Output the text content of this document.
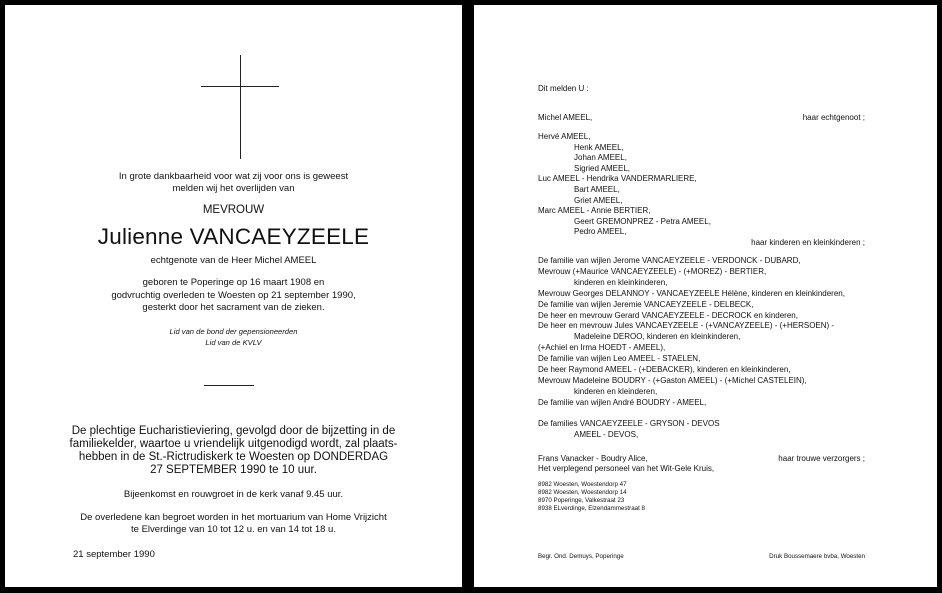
In grote dankbaarheid voor wat zij voor ons is geweest
melden wij het overlijden van
MEVROUW
Julienne VANCAEYZEELE
echtgenote van de Heer Michel AMEEL
geboren te Poperinge op 16 maart 1908 en
godvruchtig overleden te Woesten op 21 september 1990,
gesterkt door het sacrament van de zieken.
Lid van de bond der gepensioneerden
Lid van de KVLV
De plechtige Eucharistieviering, gevolgd door de bijzetting in de
familiekelder, waartoe u vriendelijk uitgenodigd wordt, zal plaats-
hebben in de St.-Rictrudiskerk te Woesten op DONDERDAG
27 SEPTEMBER 1990 te 10 uur.
Bijeenkomst en rouwgroet in de kerk vanaf 9.45 uur.
De overledene kan begroet worden in het mortuarium van Home Vrijzicht
te Elverdinge van 10 tot 12 u. en van 14 tot 18 u.
21 september 1990
Dit melden U :
Michel AMEEL,	haar echtgenoot ;
Hervé AMEEL,
Henk AMEEL,
Johan AMEEL,
Sigried AMEEL,
Luc AMEEL - Hendrika VANDERMARLIERE,
Bart AMEEL,
Griet AMEEL,
Marc AMEEL - Annie BERTIER,
Geert GREMONPREZ - Petra AMEEL,
Pedro AMEEL,
haar kinderen en kleinkinderen ;
De familie van wijlen Jerome VANCAEYZEELE - VERDONCK - DUBARD,
Mevrouw (+Maurice VANCAEYZEELE) - (+MOREZ) - BERTIER,
kinderen en kleinkinderen,
Mevrouw Georges DELANNOY - VANCAEYZEELE Hélène, kinderen en kleinkinderen,
De familie van wijlen Jeremie VANCAEYZEELE - DELBECK,
De heer en mevrouw Gerard VANCAEYZEELE - DECROCK en kinderen,
De heer en mevrouw Jules VANCAEYZEELE - (+VANCAYZEELE) - (+HERSOEN) -
Madeleine DEROO, kinderen en kleinkinderen,
(+Achiel en Irma HOEDT - AMEEL),
De familie van wijlen Leo AMEEL - STAELEN,
De heer Raymond AMEEL - (+DEBACKER), kinderen en kleinkinderen,
Mevrouw Madeleine BOUDRY - (+Gaston AMEEL) - (+Michel CASTELEIN),
kinderen en kleinderen,
De familie van wijlen André BOUDRY - AMEEL,
De families VANCAEYZEELE - GRYSON - DEVOS
AMEEL - DEVOS,
Frans Vanacker - Boudry Alice,
Het verplegend personeel van het Wit-Gele Kruis,
haar trouwe verzorgers ;
8982 Woesten, Woestendorp 47
8982 Woesten, Woestendorp 14
8970 Poperinge, Valkestraat 23
8938 ELverdinge, Elzendammestraat 8
Begr. Ond. Demuys, Poperinge	Druk Boussemaere bvba, Woesten
